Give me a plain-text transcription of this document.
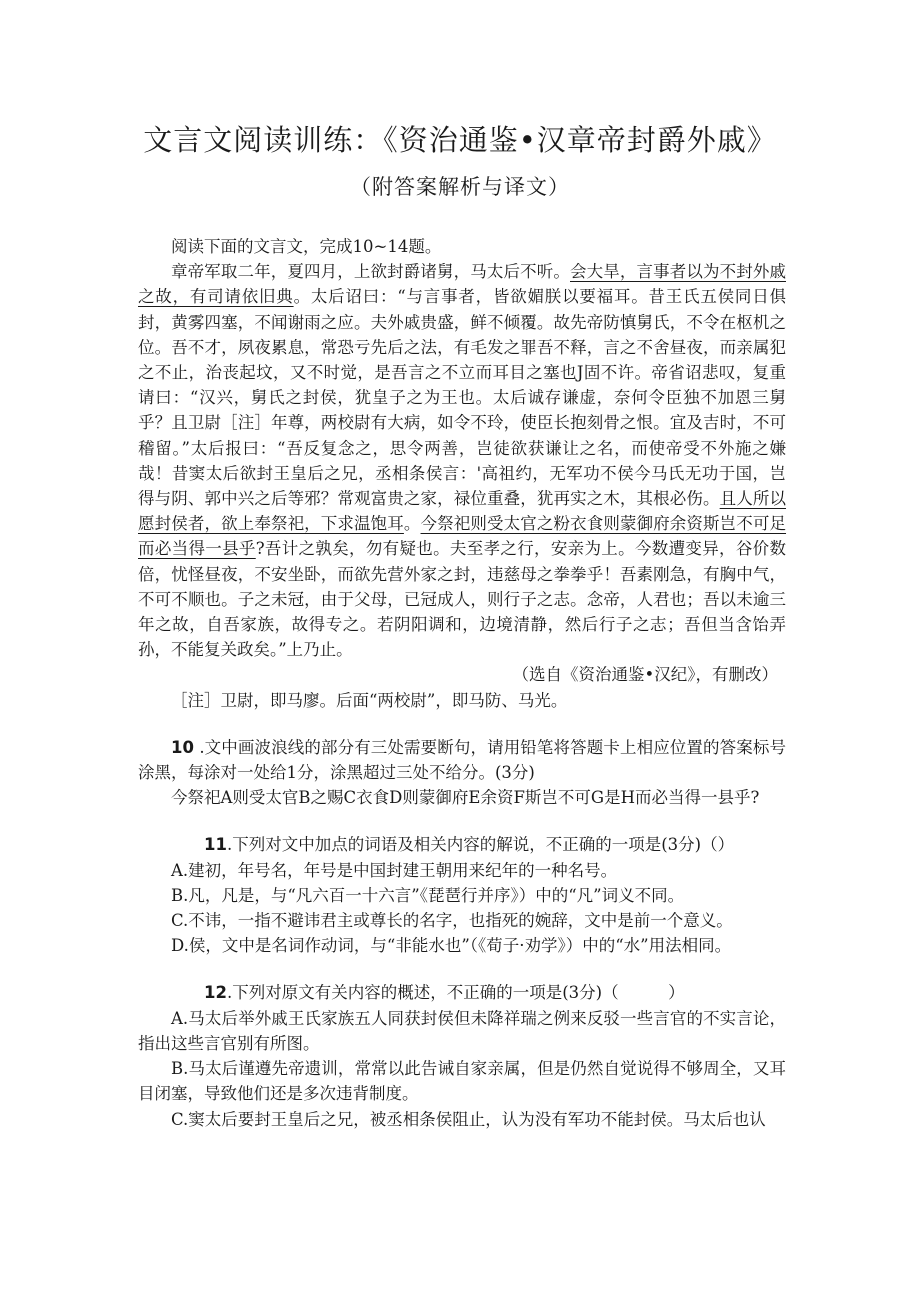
文言文阅读训练：《资治通鉴•汉章帝封爵外戚》
（附答案解析与译文）

阅读下面的文言文，完成10~14题。

章帝军取二年，夏四月，上欲封爵诸舅，马太后不听。会大旱，言事者以为不封外戚之故，有司请依旧典。太后诏曰：“与言事者，皆欲媚朕以要福耳。昔王氏五侯同日俱封，黄雾四塞，不闻谢雨之应。夫外戚贵盛，鲜不倾覆。故先帝防慎舅氏，不令在枢机之位。吾不才，夙夜累息，常恐亏先后之法，有毛发之罪吾不释，言之不舍昼夜，而亲属犯之不止，治丧起坟，又不时觉，是吾言之不立而耳目之塞也J固不许。帝省诏悲叹，复重请曰：“汉兴，舅氏之封侯，犹皇子之为王也。太后诚存谦虚，奈何令臣独不加恩三舅乎？且卫尉［注］年尊，两校尉有大病，如令不玲，使臣长抱刻骨之恨。宜及吉时，不可稽留。”太后报曰：“吾反复念之，思令两善，岂徒欲获谦让之名，而使帝受不外施之嫌哉！昔窦太后欲封王皇后之兄，丞相条侯言：'高祖约，无军功不侯今马氏无功于国，岂得与阴、郭中兴之后等邪？常观富贵之家，禄位重叠，犹再实之木，其根必伤。且人所以愿封侯者，欲上奉祭祀，下求温饱耳。今祭祀则受太官之粉衣食则蒙御府余资斯岂不可足而必当得一县乎?吾计之孰矣，勿有疑也。夫至孝之行，安亲为上。今数遭变异，谷价数倍，忧怪昼夜，不安坐卧，而欲先营外家之封，违慈母之拳拳乎！吾素刚急，有胸中气，不可不顺也。子之未冠，由于父母，已冠成人，则行子之志。念帝，人君也；吾以未逾三年之故，自吾家族，故得专之。若阴阳调和，边境清静，然后行子之志；吾但当含饴弄孙，不能复关政矣。”上乃止。

（选自《资治通鉴•汉纪》，有删改）

［注］卫尉，即马廖。后面“两校尉”，即马防、马光。

10 .文中画波浪线的部分有三处需要断句，请用铅笔将答题卡上相应位置的答案标号涂黑，每涂对一处给1分，涂黑超过三处不给分。(3分)

今祭祀A则受太官B之赐C衣食D则蒙御府E余资F斯岂不可G是H而必当得一县乎?

11.下列对文中加点的词语及相关内容的解说，不正确的一项是(3分)（）

A.建初，年号名，年号是中国封建王朝用来纪年的一种名号。

B.凡，凡是，与“凡六百一十六言”《琵琶行并序》）中的“凡”词义不同。

C.不讳，一指不避讳君主或尊长的名字，也指死的婉辞，文中是前一个意义。

D.侯，文中是名词作动词，与“非能水也”（《荀子·劝学》）中的“水”用法相同。

12.下列对原文有关内容的概述，不正确的一项是(3分)（　　　）

A.马太后举外戚王氏家族五人同获封侯但未降祥瑞之例来反驳一些言官的不实言论，指出这些言官别有所图。

B.马太后谨遵先帝遗训，常常以此告诫自家亲属，但是仍然自觉说得不够周全，又耳目闭塞，导致他们还是多次违背制度。

C.窦太后要封王皇后之兄，被丞相条侯阻止，认为没有军功不能封侯。马太后也认
